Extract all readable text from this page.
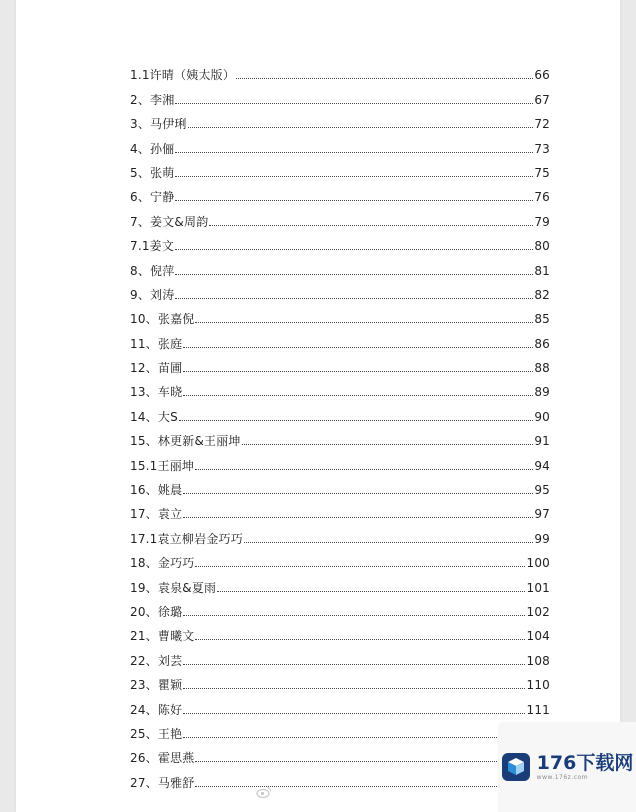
1.1许晴（姨太版）	66
2、李湘	67
3、马伊琍	72
4、孙俪	73
5、张萌	75
6、宁静	76
7、姜文&周韵	79
7.1姜文	80
8、倪萍	81
9、刘涛	82
10、张嘉倪	85
11、张庭	86
12、苗圃	88
13、车晓	89
14、大S	90
15、林更新&王丽坤	91
15.1王丽坤	94
16、姚晨	95
17、袁立	97
17.1袁立柳岩金巧巧	99
18、金巧巧	100
19、袁泉&夏雨	101
20、徐璐	102
21、曹曦文	104
22、刘芸	108
23、瞿颖	110
24、陈好	111
25、王艳
26、霍思燕
27、马雅舒
176下载网
www.176z.com
